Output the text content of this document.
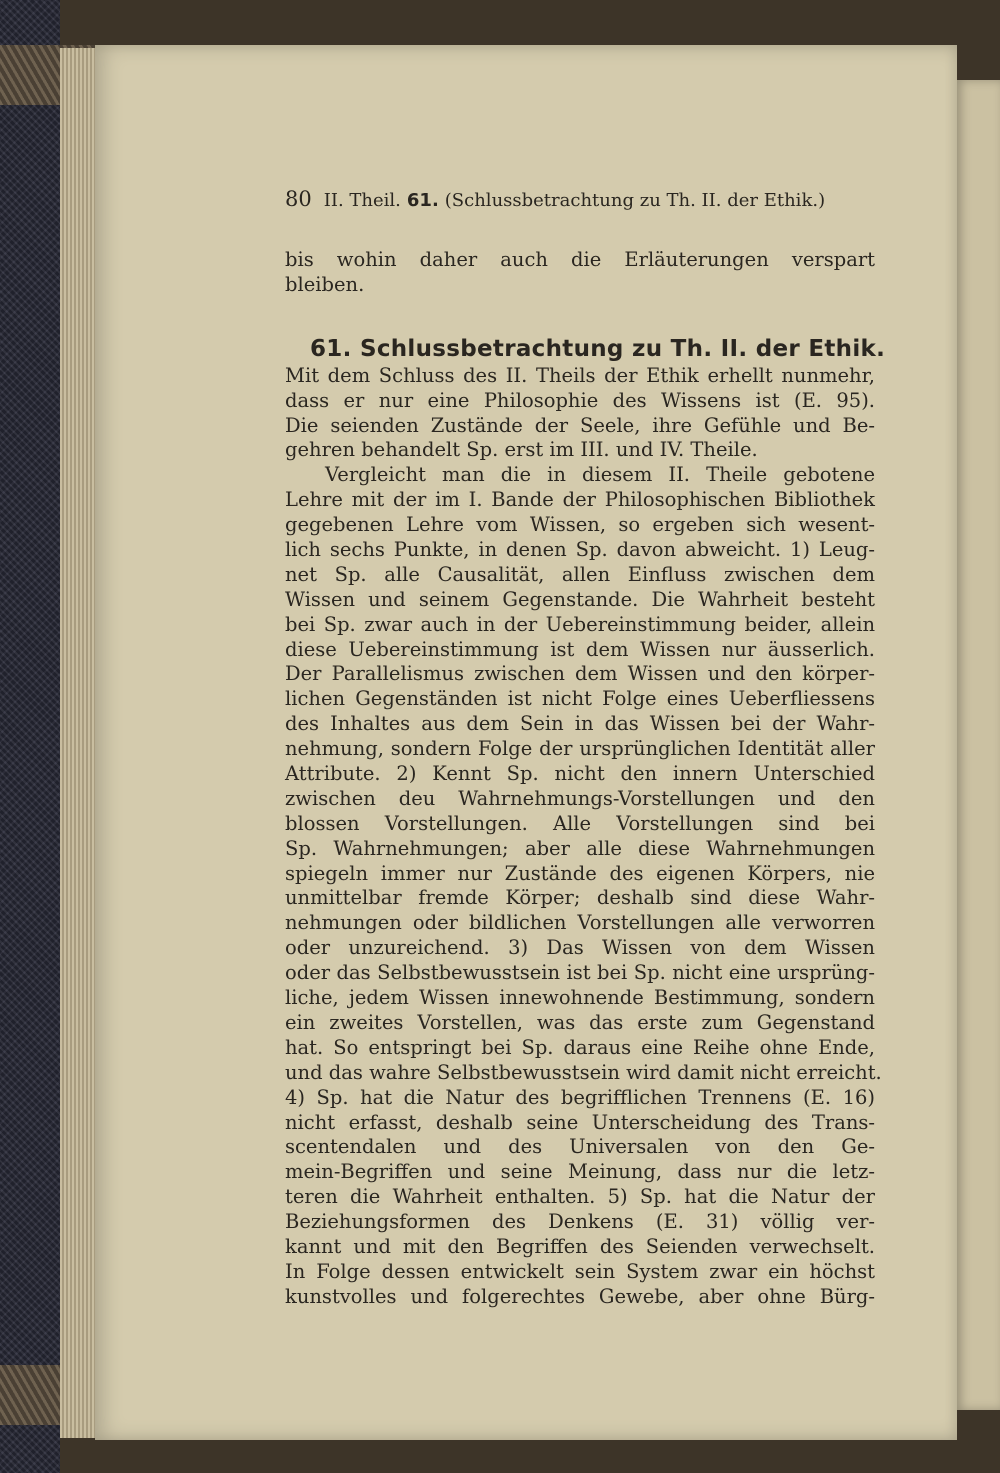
80 II. Theil. 61. (Schlussbetrachtung zu Th. II. der Ethik.)
bis wohin daher auch die Erläuterungen verspart
bleiben.
61. Schlussbetrachtung zu Th. II. der Ethik.
Mit dem Schluss des II. Theils der Ethik erhellt nunmehr,
dass er nur eine Philosophie des Wissens ist (E. 95).
Die seienden Zustände der Seele, ihre Gefühle und Be-
gehren behandelt Sp. erst im III. und IV. Theile.
Vergleicht man die in diesem II. Theile gebotene
Lehre mit der im I. Bande der Philosophischen Bibliothek
gegebenen Lehre vom Wissen, so ergeben sich wesent-
lich sechs Punkte, in denen Sp. davon abweicht. 1) Leug-
net Sp. alle Causalität, allen Einfluss zwischen dem
Wissen und seinem Gegenstande. Die Wahrheit besteht
bei Sp. zwar auch in der Uebereinstimmung beider, allein
diese Uebereinstimmung ist dem Wissen nur äusserlich.
Der Parallelismus zwischen dem Wissen und den körper-
lichen Gegenständen ist nicht Folge eines Ueberfliessens
des Inhaltes aus dem Sein in das Wissen bei der Wahr-
nehmung, sondern Folge der ursprünglichen Identität aller
Attribute. 2) Kennt Sp. nicht den innern Unterschied
zwischen deu Wahrnehmungs-Vorstellungen und den
blossen Vorstellungen. Alle Vorstellungen sind bei
Sp. Wahrnehmungen; aber alle diese Wahrnehmungen
spiegeln immer nur Zustände des eigenen Körpers, nie
unmittelbar fremde Körper; deshalb sind diese Wahr-
nehmungen oder bildlichen Vorstellungen alle verworren
oder unzureichend. 3) Das Wissen von dem Wissen
oder das Selbstbewusstsein ist bei Sp. nicht eine ursprüng-
liche, jedem Wissen innewohnende Bestimmung, sondern
ein zweites Vorstellen, was das erste zum Gegenstand
hat. So entspringt bei Sp. daraus eine Reihe ohne Ende,
und das wahre Selbstbewusstsein wird damit nicht erreicht.
4) Sp. hat die Natur des begrifflichen Trennens (E. 16)
nicht erfasst, deshalb seine Unterscheidung des Trans-
scentendalen und des Universalen von den Ge-
mein-Begriffen und seine Meinung, dass nur die letz-
teren die Wahrheit enthalten. 5) Sp. hat die Natur der
Beziehungsformen des Denkens (E. 31) völlig ver-
kannt und mit den Begriffen des Seienden verwechselt.
In Folge dessen entwickelt sein System zwar ein höchst
kunstvolles und folgerechtes Gewebe, aber ohne Bürg-
